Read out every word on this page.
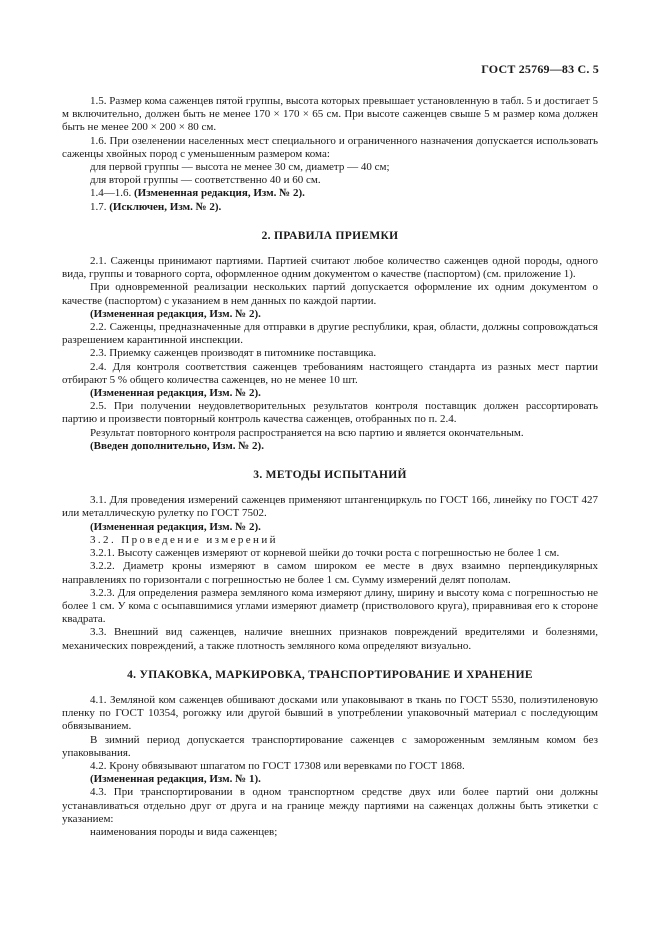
ГОСТ 25769—83 С. 5

1.5. Размер кома саженцев пятой группы, высота которых превышает установленную в табл. 5 и достигает 5 м включительно, должен быть не менее 170 × 170 × 65 см. При высоте саженцев свыше 5 м размер кома должен быть не менее 200 × 200 × 80 см.

1.6. При озеленении населенных мест специального и ограниченного назначения допускается использовать саженцы хвойных пород с уменьшенным размером кома:

для первой группы — высота не менее 30 см, диаметр — 40 см;

для второй группы — соответственно 40 и 60 см.

1.4—1.6. (Измененная редакция, Изм. № 2).

1.7. (Исключен, Изм. № 2).

2. ПРАВИЛА ПРИЕМКИ

2.1. Саженцы принимают партиями. Партией считают любое количество саженцев одной породы, одного вида, группы и товарного сорта, оформленное одним документом о качестве (паспортом) (см. приложение 1).

При одновременной реализации нескольких партий допускается оформление их одним документом о качестве (паспортом) с указанием в нем данных по каждой партии.

(Измененная редакция, Изм. № 2).

2.2. Саженцы, предназначенные для отправки в другие республики, края, области, должны сопровождаться разрешением карантинной инспекции.

2.3. Приемку саженцев производят в питомнике поставщика.

2.4. Для контроля соответствия саженцев требованиям настоящего стандарта из разных мест партии отбирают 5 % общего количества саженцев, но не менее 10 шт.

(Измененная редакция, Изм. № 2).

2.5. При получении неудовлетворительных результатов контроля поставщик должен рассортировать партию и произвести повторный контроль качества саженцев, отобранных по п. 2.4.

Результат повторного контроля распространяется на всю партию и является окончательным.

(Введен дополнительно, Изм. № 2).

3. МЕТОДЫ ИСПЫТАНИЙ

3.1. Для проведения измерений саженцев применяют штангенциркуль по ГОСТ 166, линейку по ГОСТ 427 или металлическую рулетку по ГОСТ 7502.

(Измененная редакция, Изм. № 2).

3.2. Проведение измерений

3.2.1. Высоту саженцев измеряют от корневой шейки до точки роста с погрешностью не более 1 см.

3.2.2. Диаметр кроны измеряют в самом широком ее месте в двух взаимно перпендикулярных направлениях по горизонтали с погрешностью не более 1 см. Сумму измерений делят пополам.

3.2.3. Для определения размера земляного кома измеряют длину, ширину и высоту кома с погрешностью не более 1 см. У кома с осыпавшимися углами измеряют диаметр (пристволового круга), приравнивая его к стороне квадрата.

3.3. Внешний вид саженцев, наличие внешних признаков повреждений вредителями и болезнями, механических повреждений, а также плотность земляного кома определяют визуально.

4. УПАКОВКА, МАРКИРОВКА, ТРАНСПОРТИРОВАНИЕ И ХРАНЕНИЕ

4.1. Земляной ком саженцев обшивают досками или упаковывают в ткань по ГОСТ 5530, полиэтиленовую пленку по ГОСТ 10354, рогожку или другой бывший в употреблении упаковочный материал с последующим обвязыванием.

В зимний период допускается транспортирование саженцев с замороженным земляным комом без упаковывания.

4.2. Крону обвязывают шпагатом по ГОСТ 17308 или веревками по ГОСТ 1868.

(Измененная редакция, Изм. № 1).

4.3. При транспортировании в одном транспортном средстве двух или более партий они должны устанавливаться отдельно друг от друга и на границе между партиями на саженцах должны быть этикетки с указанием:

наименования породы и вида саженцев;
